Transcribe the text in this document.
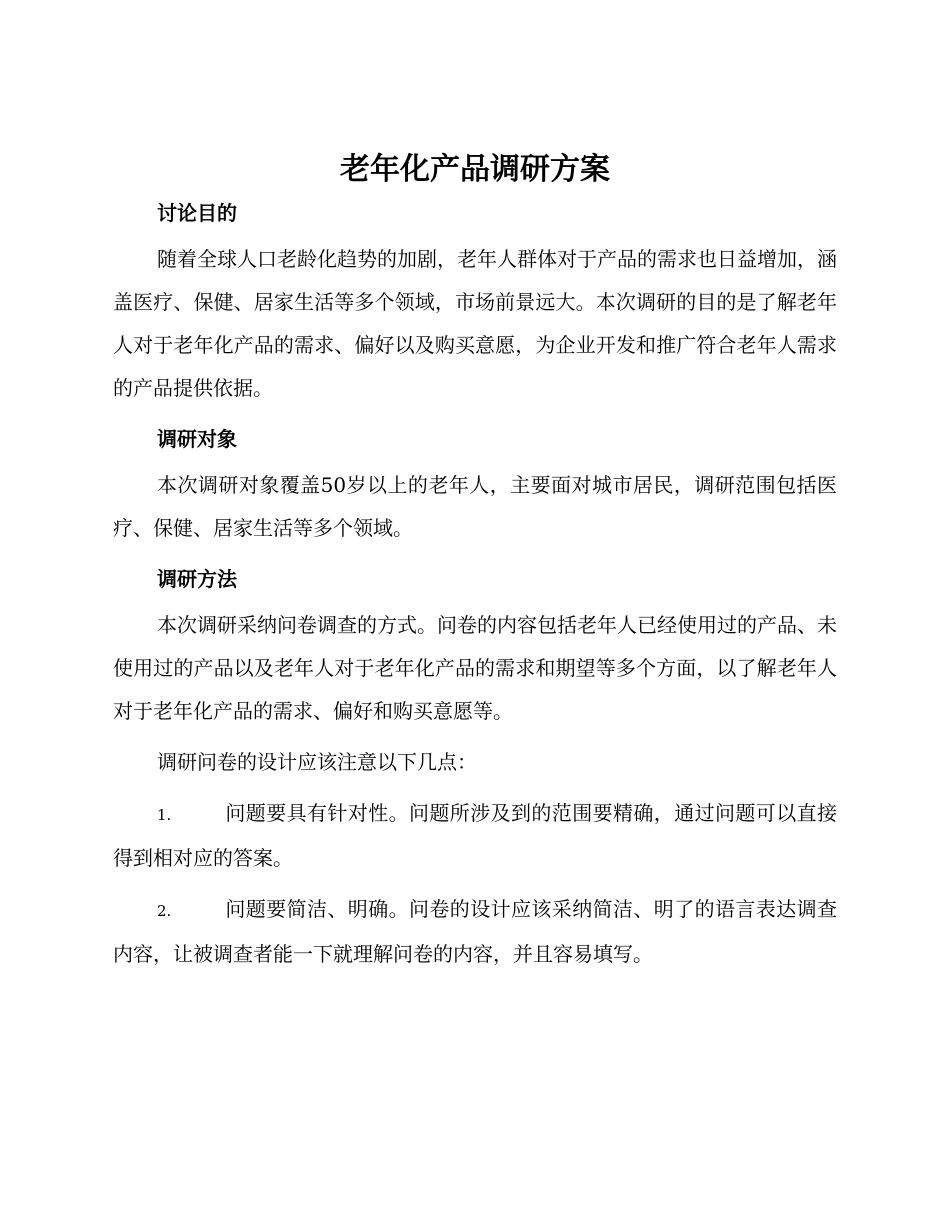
老年化产品调研方案
讨论目的

随着全球人口老龄化趋势的加剧，老年人群体对于产品的需求也日益增加，涵盖医疗、保健、居家生活等多个领域，市场前景远大。本次调研的目的是了解老年人对于老年化产品的需求、偏好以及购买意愿，为企业开发和推广符合老年人需求的产品提供依据。

调研对象

本次调研对象覆盖50岁以上的老年人，主要面对城市居民，调研范围包括医疗、保健、居家生活等多个领域。

调研方法

本次调研采纳问卷调查的方式。问卷的内容包括老年人已经使用过的产品、未使用过的产品以及老年人对于老年化产品的需求和期望等多个方面，以了解老年人对于老年化产品的需求、偏好和购买意愿等。

调研问卷的设计应该注意以下几点：

1.	问题要具有针对性。问题所涉及到的范围要精确，通过问题可以直接得到相对应的答案。

2.	问题要简洁、明确。问卷的设计应该采纳简洁、明了的语言表达调查内容，让被调查者能一下就理解问卷的内容，并且容易填写。
